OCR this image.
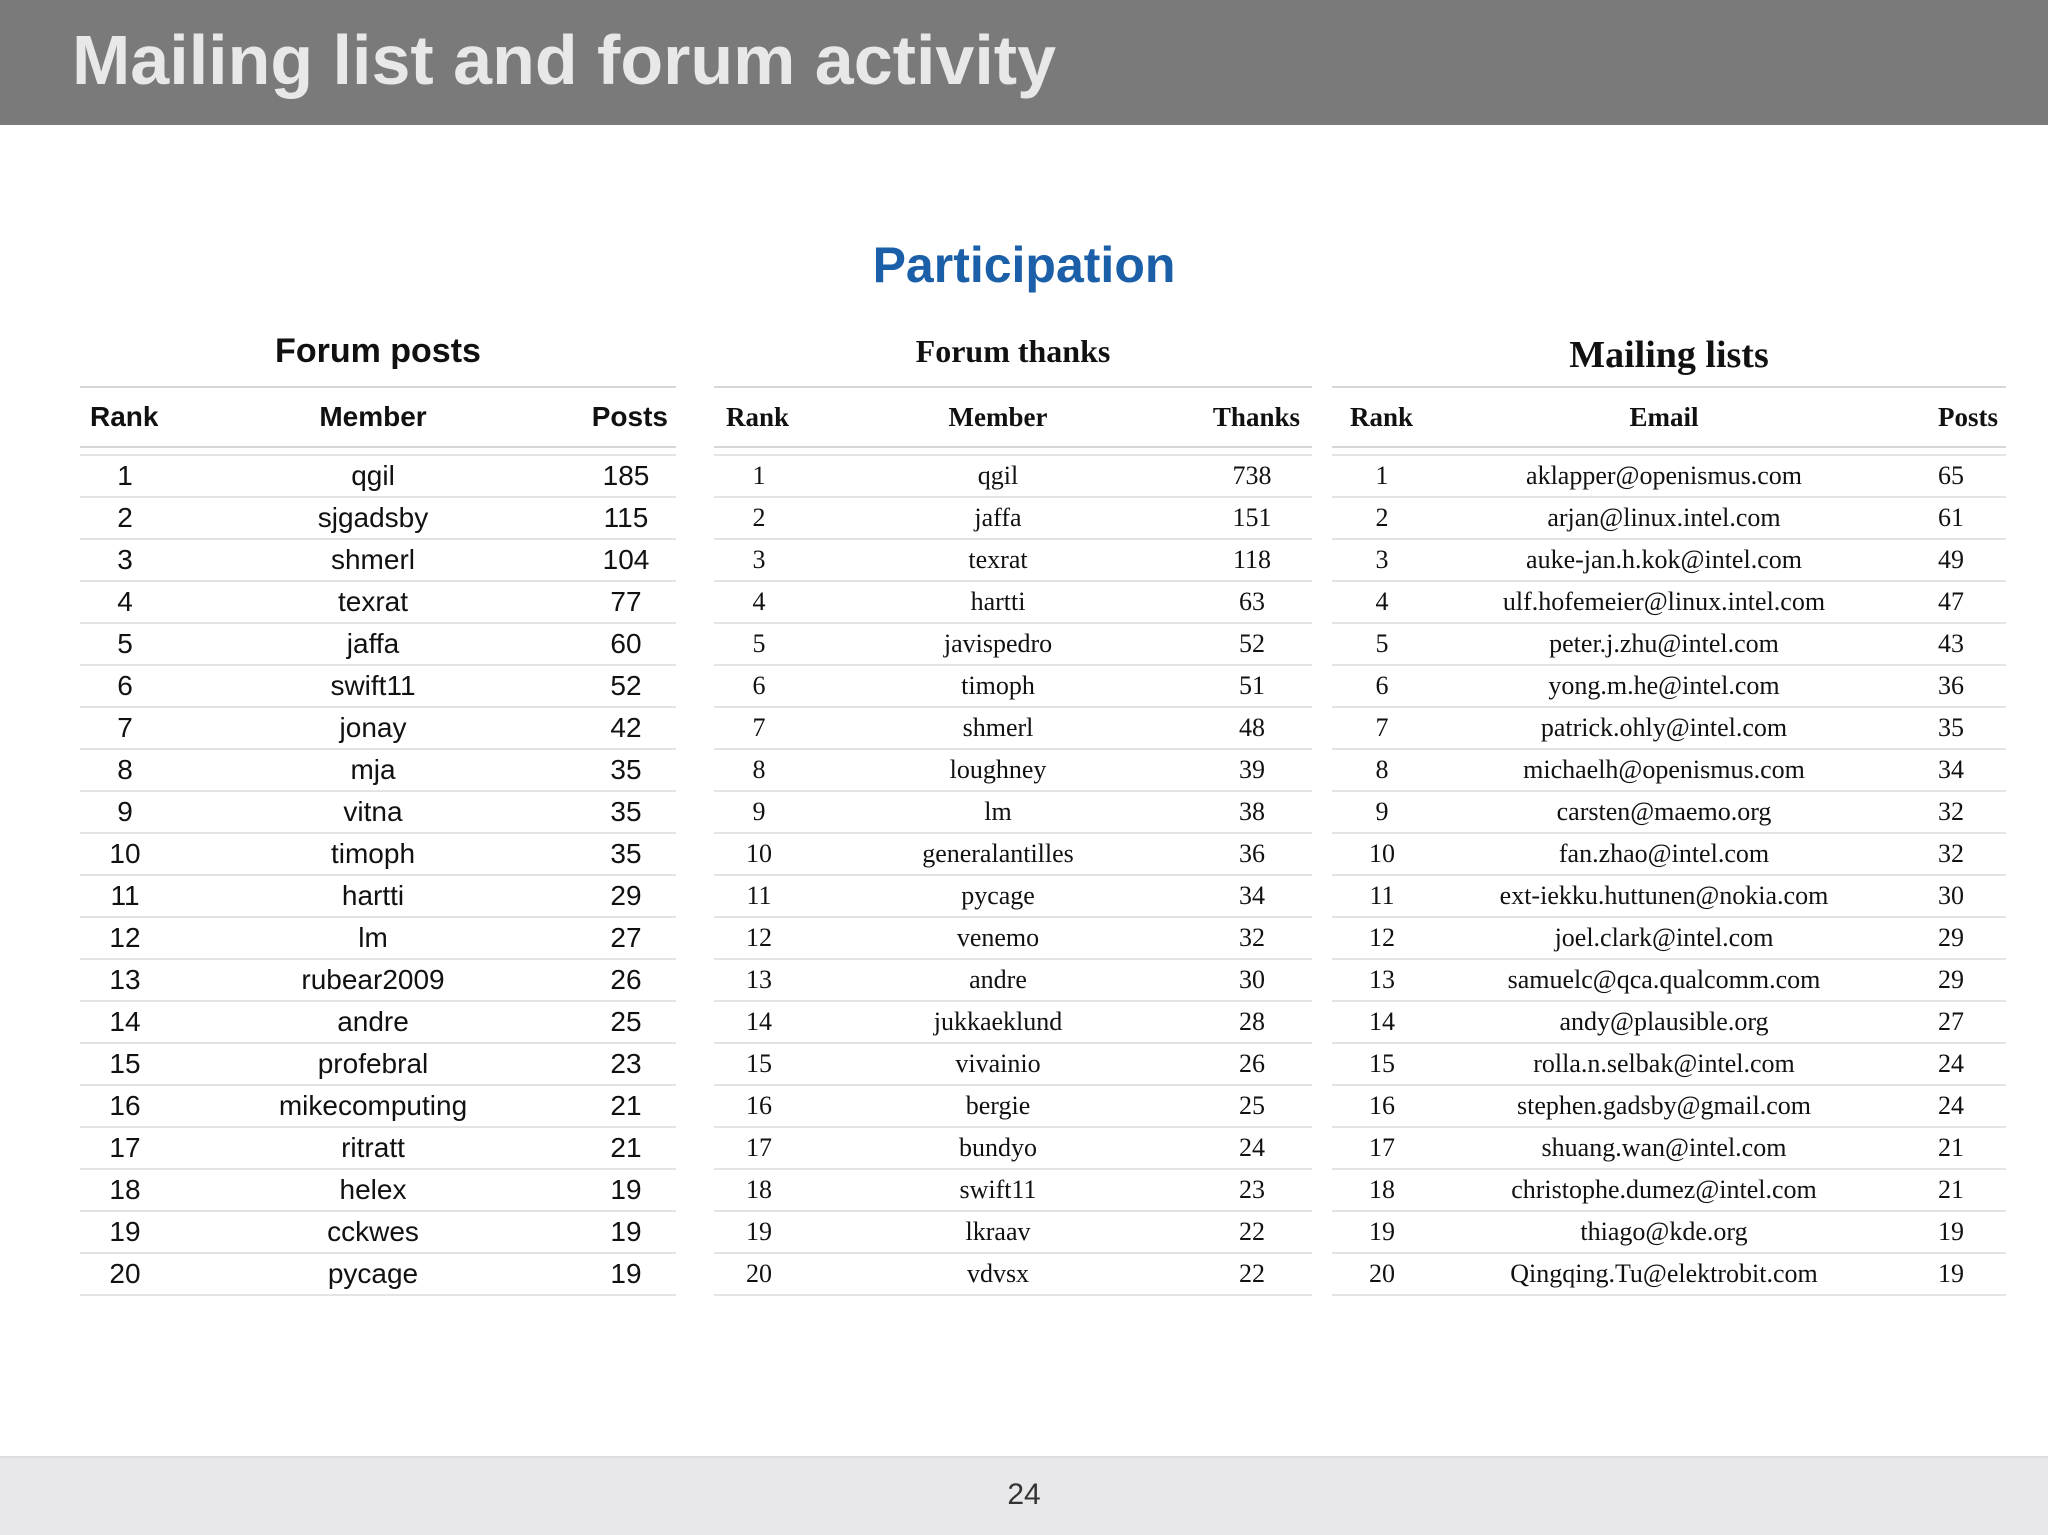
Mailing list and forum activity
Participation
Forum posts
Rank	Member	Posts

1	qgil	185
2	sjgadsby	115
3	shmerl	104
4	texrat	77
5	jaffa	60
6	swift11	52
7	jonay	42
8	mja	35
9	vitna	35
10	timoph	35
11	hartti	29
12	lm	27
13	rubear2009	26
14	andre	25
15	profebral	23
16	mikecomputing	21
17	ritratt	21
18	helex	19
19	cckwes	19
20	pycage	19
Forum thanks
Rank	Member	Thanks

1	qgil	738
2	jaffa	151
3	texrat	118
4	hartti	63
5	javispedro	52
6	timoph	51
7	shmerl	48
8	loughney	39
9	lm	38
10	generalantilles	36
11	pycage	34
12	venemo	32
13	andre	30
14	jukkaeklund	28
15	vivainio	26
16	bergie	25
17	bundyo	24
18	swift11	23
19	lkraav	22
20	vdvsx	22
Mailing lists
Rank	Email	Posts

1	aklapper@openismus.com	65
2	arjan@linux.intel.com	61
3	auke-jan.h.kok@intel.com	49
4	ulf.hofemeier@linux.intel.com	47
5	peter.j.zhu@intel.com	43
6	yong.m.he@intel.com	36
7	patrick.ohly@intel.com	35
8	michaelh@openismus.com	34
9	carsten@maemo.org	32
10	fan.zhao@intel.com	32
11	ext-iekku.huttunen@nokia.com	30
12	joel.clark@intel.com	29
13	samuelc@qca.qualcomm.com	29
14	andy@plausible.org	27
15	rolla.n.selbak@intel.com	24
16	stephen.gadsby@gmail.com	24
17	shuang.wan@intel.com	21
18	christophe.dumez@intel.com	21
19	thiago@kde.org	19
20	Qingqing.Tu@elektrobit.com	19
24
